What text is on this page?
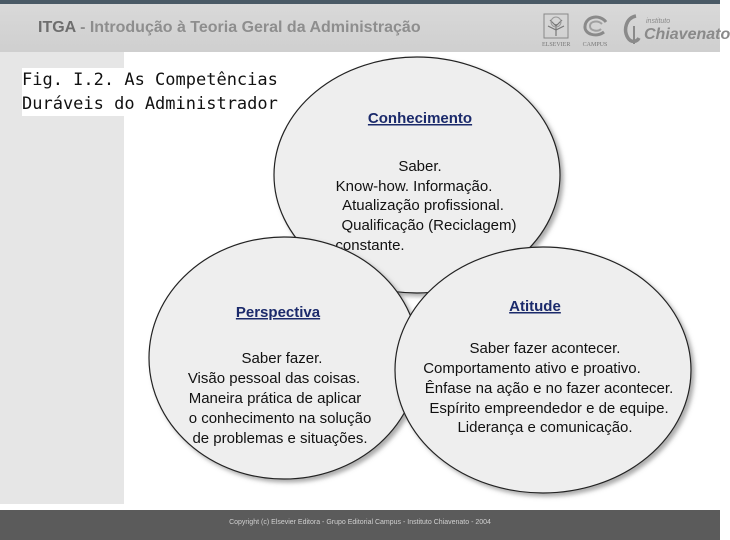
ITGA - Introdução à Teoria Geral da Administração
ELSEVIER	CAMPUS
instituto
Chiavenato
Fig. I.2. As Competências
Duráveis do Administrador
Conhecimento
Saber.
Know-how. Informação.
Atualização profissional.
Qualificação (Reciclagem)
constante.
Perspectiva
Saber fazer.
Visão pessoal das coisas.
Maneira prática de aplicar
o conhecimento na solução
de problemas e situações.
Atitude
Saber fazer acontecer.
Comportamento ativo e proativo.
Ênfase na ação e no fazer acontecer.
Espírito empreendedor e de equipe.
Liderança e comunicação.
Copyright (c) Elsevier Editora - Grupo Editorial Campus - Instituto Chiavenato - 2004
